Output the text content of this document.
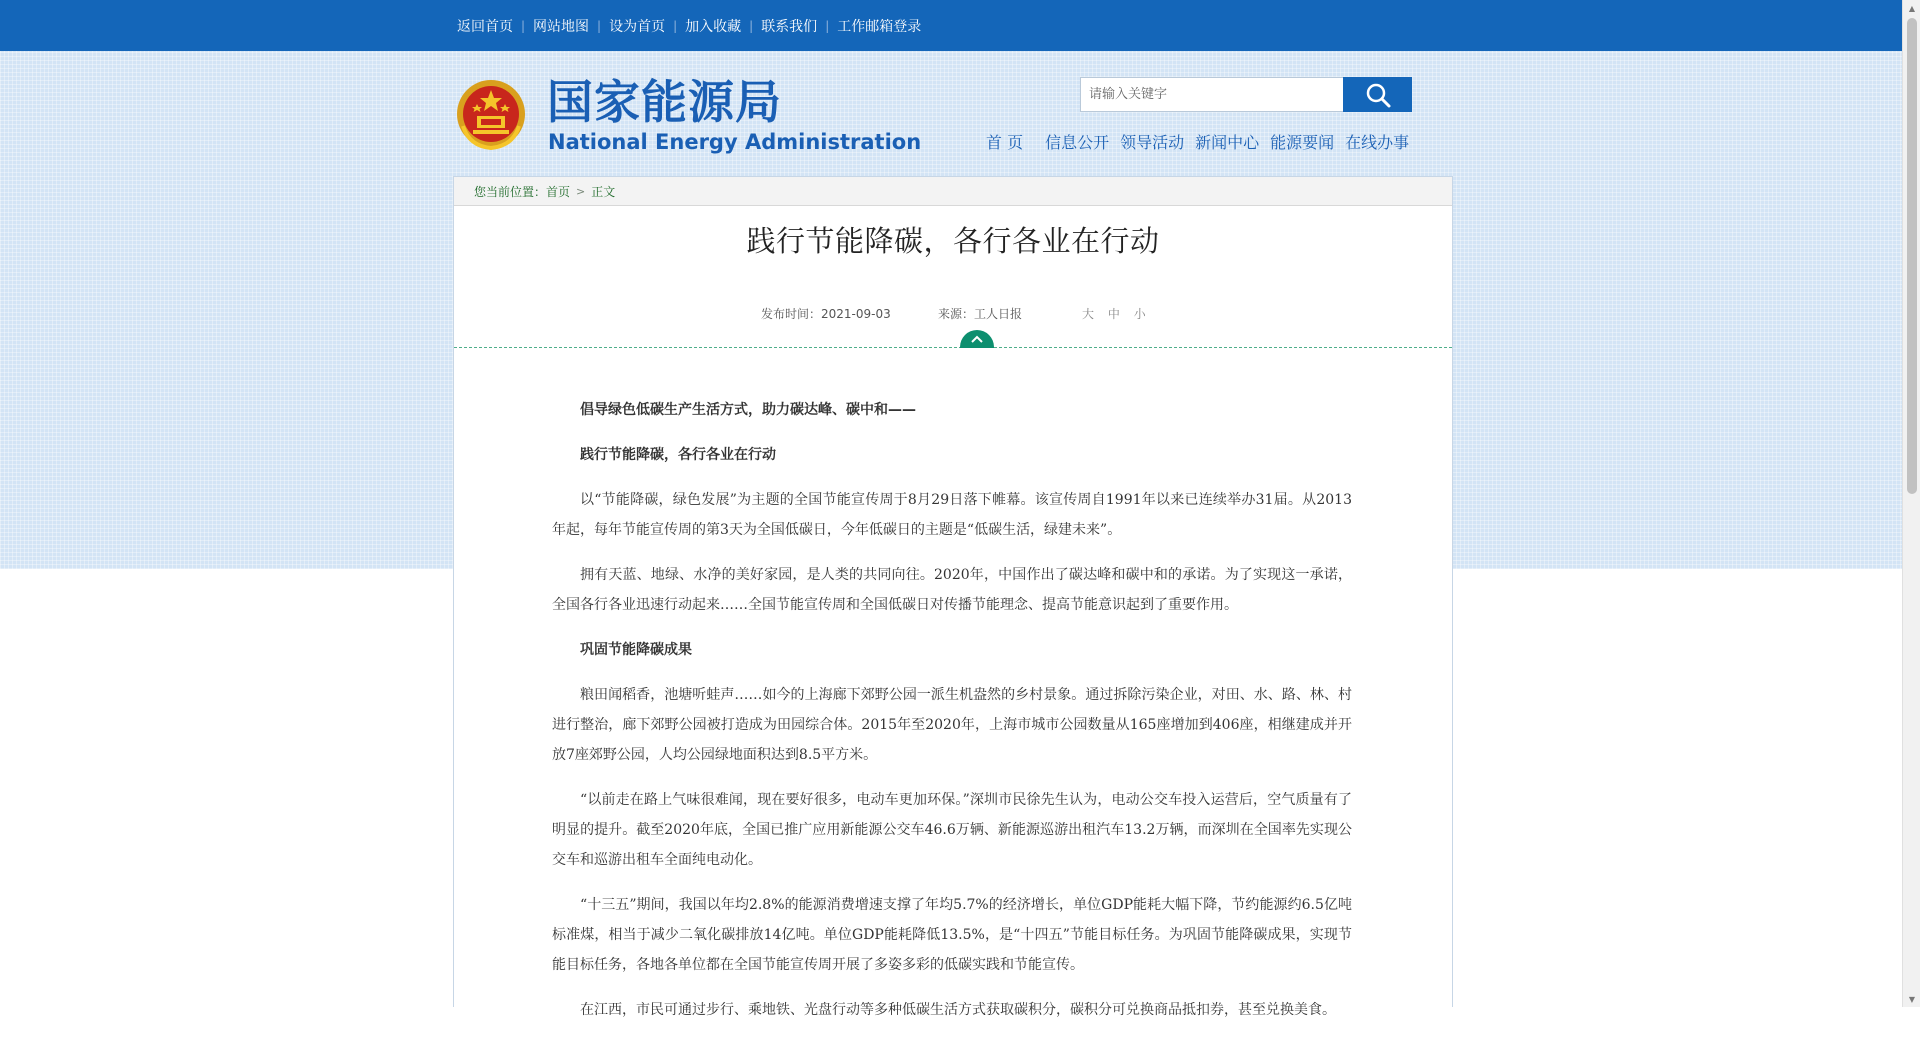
返回首页 | 网站地图 | 设为首页 | 加入收藏 | 联系我们 | 工作邮箱登录
国家能源局
National Energy Administration
请输入关键字	首 页 信息公开 领导活动 新闻中心 能源要闻 在线办事
您当前位置： 首页 > 正文
践行节能降碳，各行各业在行动
发布时间：2021-09-03	来源：工人日报	大 中 小

倡导绿色低碳生产生活方式，助力碳达峰、碳中和——

践行节能降碳，各行各业在行动

以“节能降碳，绿色发展”为主题的全国节能宣传周于8月29日落下帷幕。该宣传周自1991年以来已连续举办31届。从2013年起，每年节能宣传周的第3天为全国低碳日，今年低碳日的主题是“低碳生活，绿建未来”。

拥有天蓝、地绿、水净的美好家园，是人类的共同向往。2020年，中国作出了碳达峰和碳中和的承诺。为了实现这一承诺，全国各行各业迅速行动起来……全国节能宣传周和全国低碳日对传播节能理念、提高节能意识起到了重要作用。

巩固节能降碳成果

粮田闻稻香，池塘听蛙声……如今的上海廊下郊野公园一派生机盎然的乡村景象。通过拆除污染企业，对田、水、路、林、村进行整治，廊下郊野公园被打造成为田园综合体。2015年至2020年，上海市城市公园数量从165座增加到406座，相继建成并开放7座郊野公园，人均公园绿地面积达到8.5平方米。

“以前走在路上气味很难闻，现在要好很多，电动车更加环保。”深圳市民徐先生认为，电动公交车投入运营后，空气质量有了明显的提升。截至2020年底，全国已推广应用新能源公交车46.6万辆、新能源巡游出租汽车13.2万辆，而深圳在全国率先实现公交车和巡游出租车全面纯电动化。

“十三五”期间，我国以年均2.8%的能源消费增速支撑了年均5.7%的经济增长，单位GDP能耗大幅下降，节约能源约6.5亿吨标准煤，相当于减少二氧化碳排放14亿吨。单位GDP能耗降低13.5%，是“十四五”节能目标任务。为巩固节能降碳成果，实现节能目标任务，各地各单位都在全国节能宣传周开展了多姿多彩的低碳实践和节能宣传。

在江西，市民可通过步行、乘地铁、光盘行动等多种低碳生活方式获取碳积分，碳积分可兑换商品抵扣券，甚至兑换美食。

▲
▼
